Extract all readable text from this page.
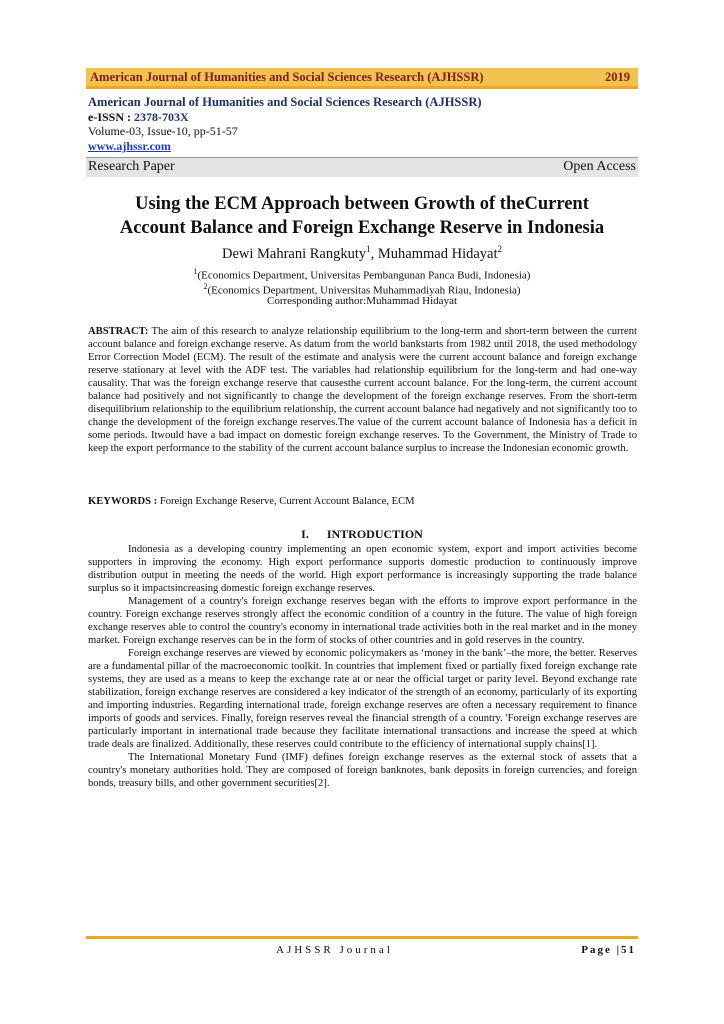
American Journal of Humanities and Social Sciences Research (AJHSSR)	2019
American Journal of Humanities and Social Sciences Research (AJHSSR)
e-ISSN : 2378-703X
Volume-03, Issue-10, pp-51-57
www.ajhssr.com
Research Paper	Open Access
Using the ECM Approach between Growth of theCurrent
Account Balance and Foreign Exchange Reserve in Indonesia
Dewi Mahrani Rangkuty$^1$, Muhammad Hidayat$^2$
$^1$(Economics Department, Universitas Pembangunan Panca Budi, Indonesia)
$^2$(Economics Department, Universitas Muhammadiyah Riau, Indonesia)
Corresponding author:Muhammad Hidayat

ABSTRACT: The aim of this research to analyze relationship equilibrium to the long-term and short-term between the current account balance and foreign exchange reserve. As datum from the world bankstarts from 1982 until 2018, the used methodology Error Correction Model (ECM). The result of the estimate and analysis were the current account balance and foreign exchange reserve stationary at level with the ADF test. The variables had relationship equilibrium for the long-term and had one-way causality. That was the foreign exchange reserve that causesthe current account balance. For the long-term, the current account balance had positively and not significantly to change the development of the foreign exchange reserves. From the short-term disequilibrium relationship to the equilibrium relationship, the current account balance had negatively and not significantly too to change the development of the foreign exchange reserves.The value of the current account balance of Indonesia has a deficit in some periods. Itwould have a bad impact on domestic foreign exchange reserves. To the Government, the Ministry of Trade to keep the export performance to the stability of the current account balance surplus to increase the Indonesian economic growth.

KEYWORDS : Foreign Exchange Reserve, Current Account Balance, ECM

I.      INTRODUCTION

Indonesia as a developing country implementing an open economic system, export and import activities become supporters in improving the economy. High export performance supports domestic production to continuously improve distribution output in meeting the needs of the world. High export performance is increasingly supporting the trade balance surplus so it impactsincreasing domestic foreign exchange reserves.

Management of a country's foreign exchange reserves began with the efforts to improve export performance in the country. Foreign exchange reserves strongly affect the economic condition of a country in the future. The value of high foreign exchange reserves able to control the country's economy in international trade activities both in the real market and in the money market. Foreign exchange reserves can be in the form of stocks of other countries and in gold reserves in the country.

Foreign exchange reserves are viewed by economic policymakers as ‘money in the bank’–the more, the better. Reserves are a fundamental pillar of the macroeconomic toolkit. In countries that implement fixed or partially fixed foreign exchange rate systems, they are used as a means to keep the exchange rate at or near the official target or parity level. Beyond exchange rate stabilization, foreign exchange reserves are considered a key indicator of the strength of an economy, particularly of its exporting and importing industries. Regarding international trade, foreign exchange reserves are often a necessary requirement to finance imports of goods and services. Finally, foreign reserves reveal the financial strength of a country. 'Foreign exchange reserves are particularly important in international trade because they facilitate international transactions and increase the speed at which trade deals are finalized. Additionally, these reserves could contribute to the efficiency of international supply chains[1].

The International Monetary Fund (IMF) defines foreign exchange reserves as the external stock of assets that a country's monetary authorities hold. They are composed of foreign banknotes, bank deposits in foreign currencies, and foreign bonds, treasury bills, and other government securities[2].

AJHSSR Journal	Page |51
